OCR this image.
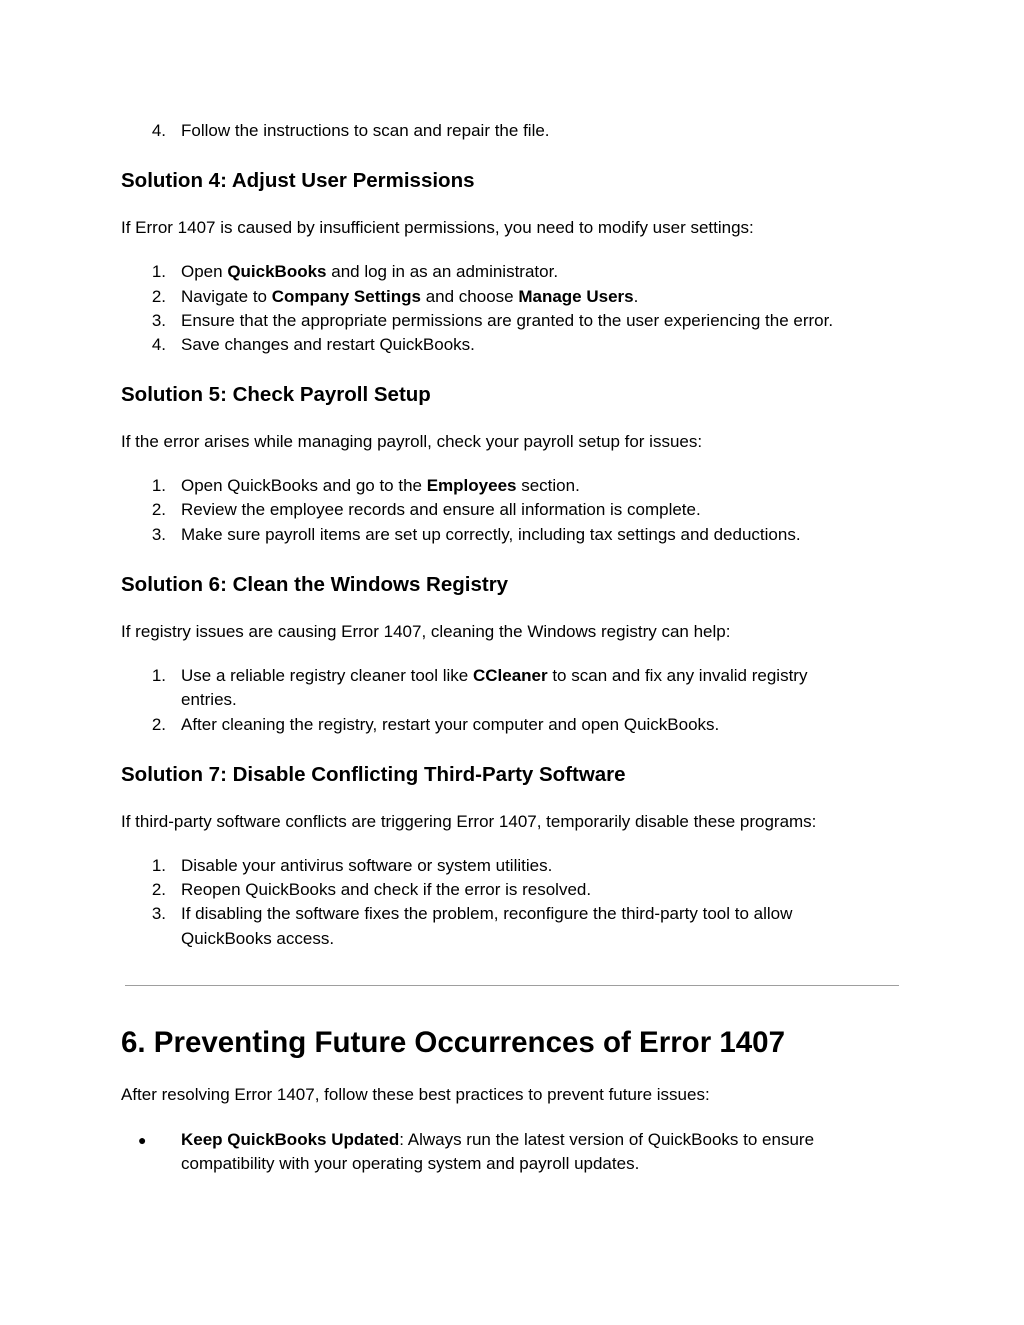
4. Follow the instructions to scan and repair the file.
Solution 4: Adjust User Permissions
If Error 1407 is caused by insufficient permissions, you need to modify user settings:
1. Open QuickBooks and log in as an administrator.
2. Navigate to Company Settings and choose Manage Users.
3. Ensure that the appropriate permissions are granted to the user experiencing the error.
4. Save changes and restart QuickBooks.
Solution 5: Check Payroll Setup
If the error arises while managing payroll, check your payroll setup for issues:
1. Open QuickBooks and go to the Employees section.
2. Review the employee records and ensure all information is complete.
3. Make sure payroll items are set up correctly, including tax settings and deductions.
Solution 6: Clean the Windows Registry
If registry issues are causing Error 1407, cleaning the Windows registry can help:
1. Use a reliable registry cleaner tool like CCleaner to scan and fix any invalid registry
entries.
2. After cleaning the registry, restart your computer and open QuickBooks.
Solution 7: Disable Conflicting Third-Party Software
If third-party software conflicts are triggering Error 1407, temporarily disable these programs:
1. Disable your antivirus software or system utilities.
2. Reopen QuickBooks and check if the error is resolved.
3. If disabling the software fixes the problem, reconfigure the third-party tool to allow
QuickBooks access.
6. Preventing Future Occurrences of Error 1407
After resolving Error 1407, follow these best practices to prevent future issues:
● Keep QuickBooks Updated: Always run the latest version of QuickBooks to ensure
compatibility with your operating system and payroll updates.
